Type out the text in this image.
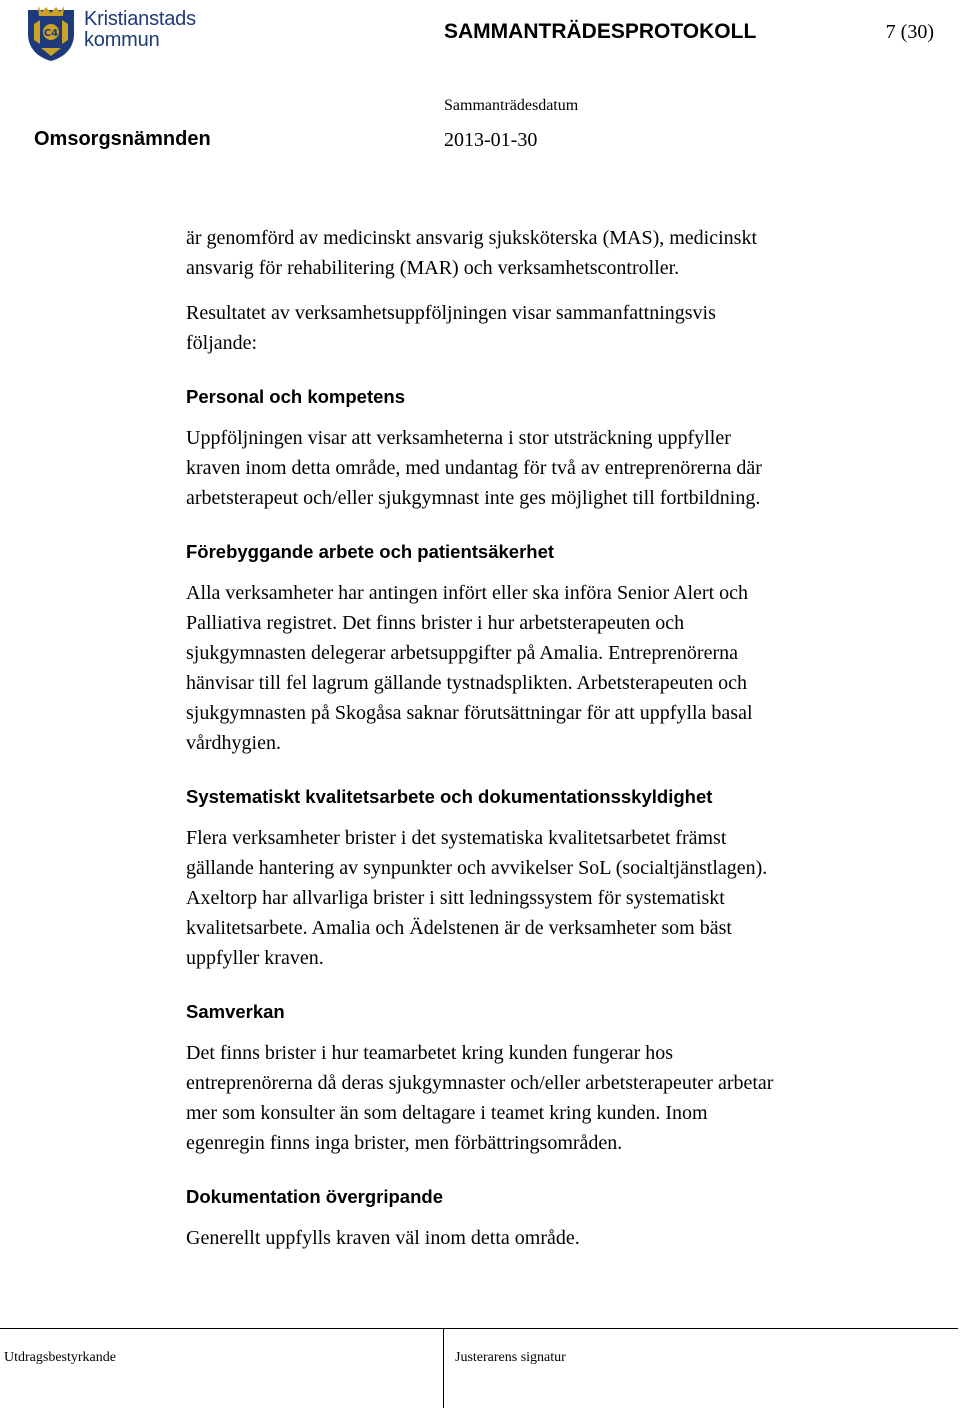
C4
Kristianstads
kommun	SAMMANTRÄDESPROTOKOLL	7 (30)
Sammanträdesdatum
Omsorgsnämnden	2013-01-30

är genomförd av medicinskt ansvarig sjuksköterska (MAS), medicinskt

ansvarig för rehabilitering (MAR) och verksamhetscontroller.

Resultatet av verksamhetsuppföljningen visar sammanfattningsvis

följande:

Personal och kompetens

Uppföljningen visar att verksamheterna i stor utsträckning uppfyller

kraven inom detta område, med undantag för två av entreprenörerna där

arbetsterapeut och/eller sjukgymnast inte ges möjlighet till fortbildning.

Förebyggande arbete och patientsäkerhet

Alla verksamheter har antingen infört eller ska införa Senior Alert och

Palliativa registret. Det finns brister i hur arbetsterapeuten och

sjukgymnasten delegerar arbetsuppgifter på Amalia. Entreprenörerna

hänvisar till fel lagrum gällande tystnadsplikten. Arbetsterapeuten och

sjukgymnasten på Skogåsa saknar förutsättningar för att uppfylla basal

vårdhygien.

Systematiskt kvalitetsarbete och dokumentationsskyldighet

Flera verksamheter brister i det systematiska kvalitetsarbetet främst

gällande hantering av synpunkter och avvikelser SoL (socialtjänstlagen).

Axeltorp har allvarliga brister i sitt ledningssystem för systematiskt

kvalitetsarbete. Amalia och Ädelstenen är de verksamheter som bäst

uppfyller kraven.

Samverkan

Det finns brister i hur teamarbetet kring kunden fungerar hos

entreprenörerna då deras sjukgymnaster och/eller arbetsterapeuter arbetar

mer som konsulter än som deltagare i teamet kring kunden. Inom

egenregin finns inga brister, men förbättringsområden.

Dokumentation övergripande

Generellt uppfylls kraven väl inom detta område.

Utdragsbestyrkande	Justerarens signatur
